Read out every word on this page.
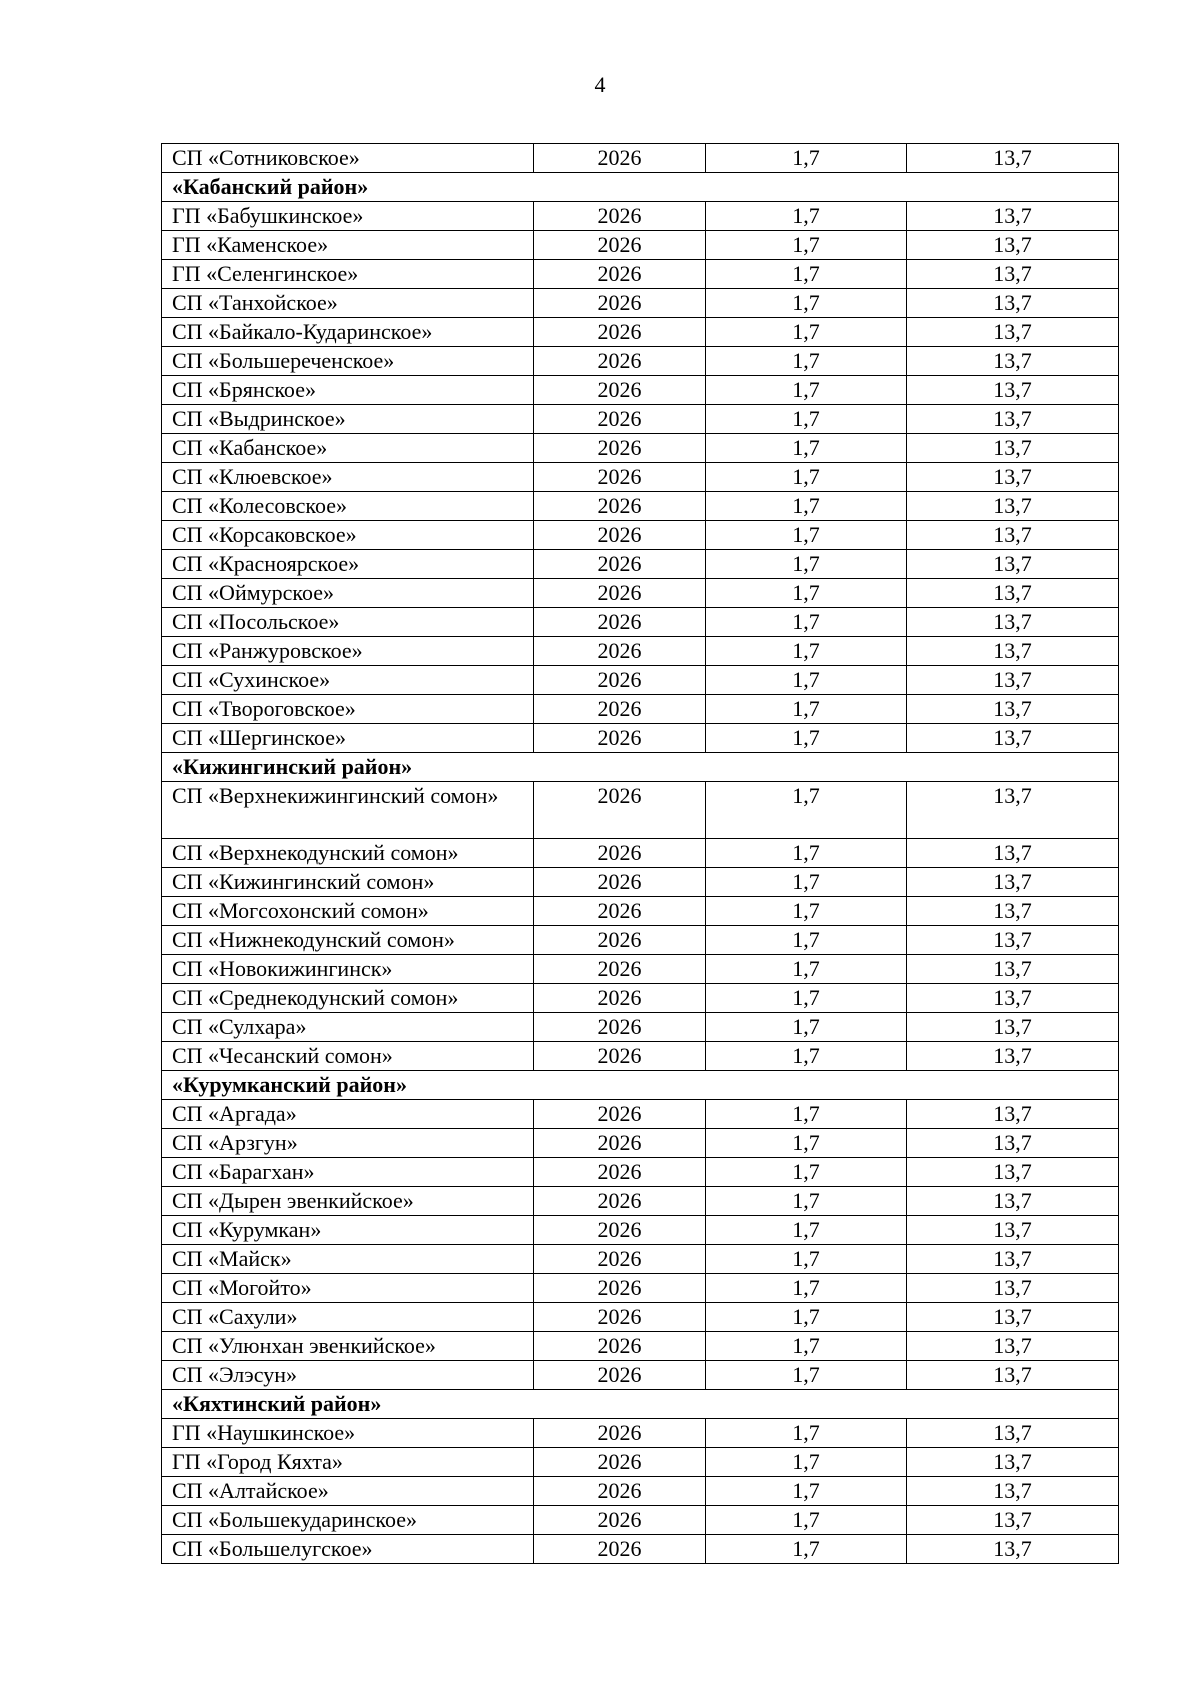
4
СП «Сотниковское»	2026	1,7	13,7
«Кабанский район»			
ГП «Бабушкинское»	2026	1,7	13,7
ГП «Каменское»	2026	1,7	13,7
ГП «Селенгинское»	2026	1,7	13,7
СП «Танхойское»	2026	1,7	13,7
СП «Байкало-Кударинское»	2026	1,7	13,7
СП «Большереченское»	2026	1,7	13,7
СП «Брянское»	2026	1,7	13,7
СП «Выдринское»	2026	1,7	13,7
СП «Кабанское»	2026	1,7	13,7
СП «Клюевское»	2026	1,7	13,7
СП «Колесовское»	2026	1,7	13,7
СП «Корсаковское»	2026	1,7	13,7
СП «Красноярское»	2026	1,7	13,7
СП «Оймурское»	2026	1,7	13,7
СП «Посольское»	2026	1,7	13,7
СП «Ранжуровское»	2026	1,7	13,7
СП «Сухинское»	2026	1,7	13,7
СП «Твороговское»	2026	1,7	13,7
СП «Шергинское»	2026	1,7	13,7
«Кижингинский район»			
СП «Верхнекижингинский сомон»	2026	1,7	13,7
СП «Верхнекодунский сомон»	2026	1,7	13,7
СП «Кижингинский сомон»	2026	1,7	13,7
СП «Могсохонский сомон»	2026	1,7	13,7
СП «Нижнекодунский сомон»	2026	1,7	13,7
СП «Новокижингинск»	2026	1,7	13,7
СП «Среднекодунский сомон»	2026	1,7	13,7
СП «Сулхара»	2026	1,7	13,7
СП «Чесанский сомон»	2026	1,7	13,7
«Курумканский район»			
СП «Аргада»	2026	1,7	13,7
СП «Арзгун»	2026	1,7	13,7
СП «Барагхан»	2026	1,7	13,7
СП «Дырен эвенкийское»	2026	1,7	13,7
СП «Курумкан»	2026	1,7	13,7
СП «Майск»	2026	1,7	13,7
СП «Могойто»	2026	1,7	13,7
СП «Сахули»	2026	1,7	13,7
СП «Улюнхан эвенкийское»	2026	1,7	13,7
СП «Элэсун»	2026	1,7	13,7
«Кяхтинский район»			
ГП «Наушкинское»	2026	1,7	13,7
ГП «Город Кяхта»	2026	1,7	13,7
СП «Алтайское»	2026	1,7	13,7
СП «Большекударинское»	2026	1,7	13,7
СП «Большелугское»	2026	1,7	13,7
